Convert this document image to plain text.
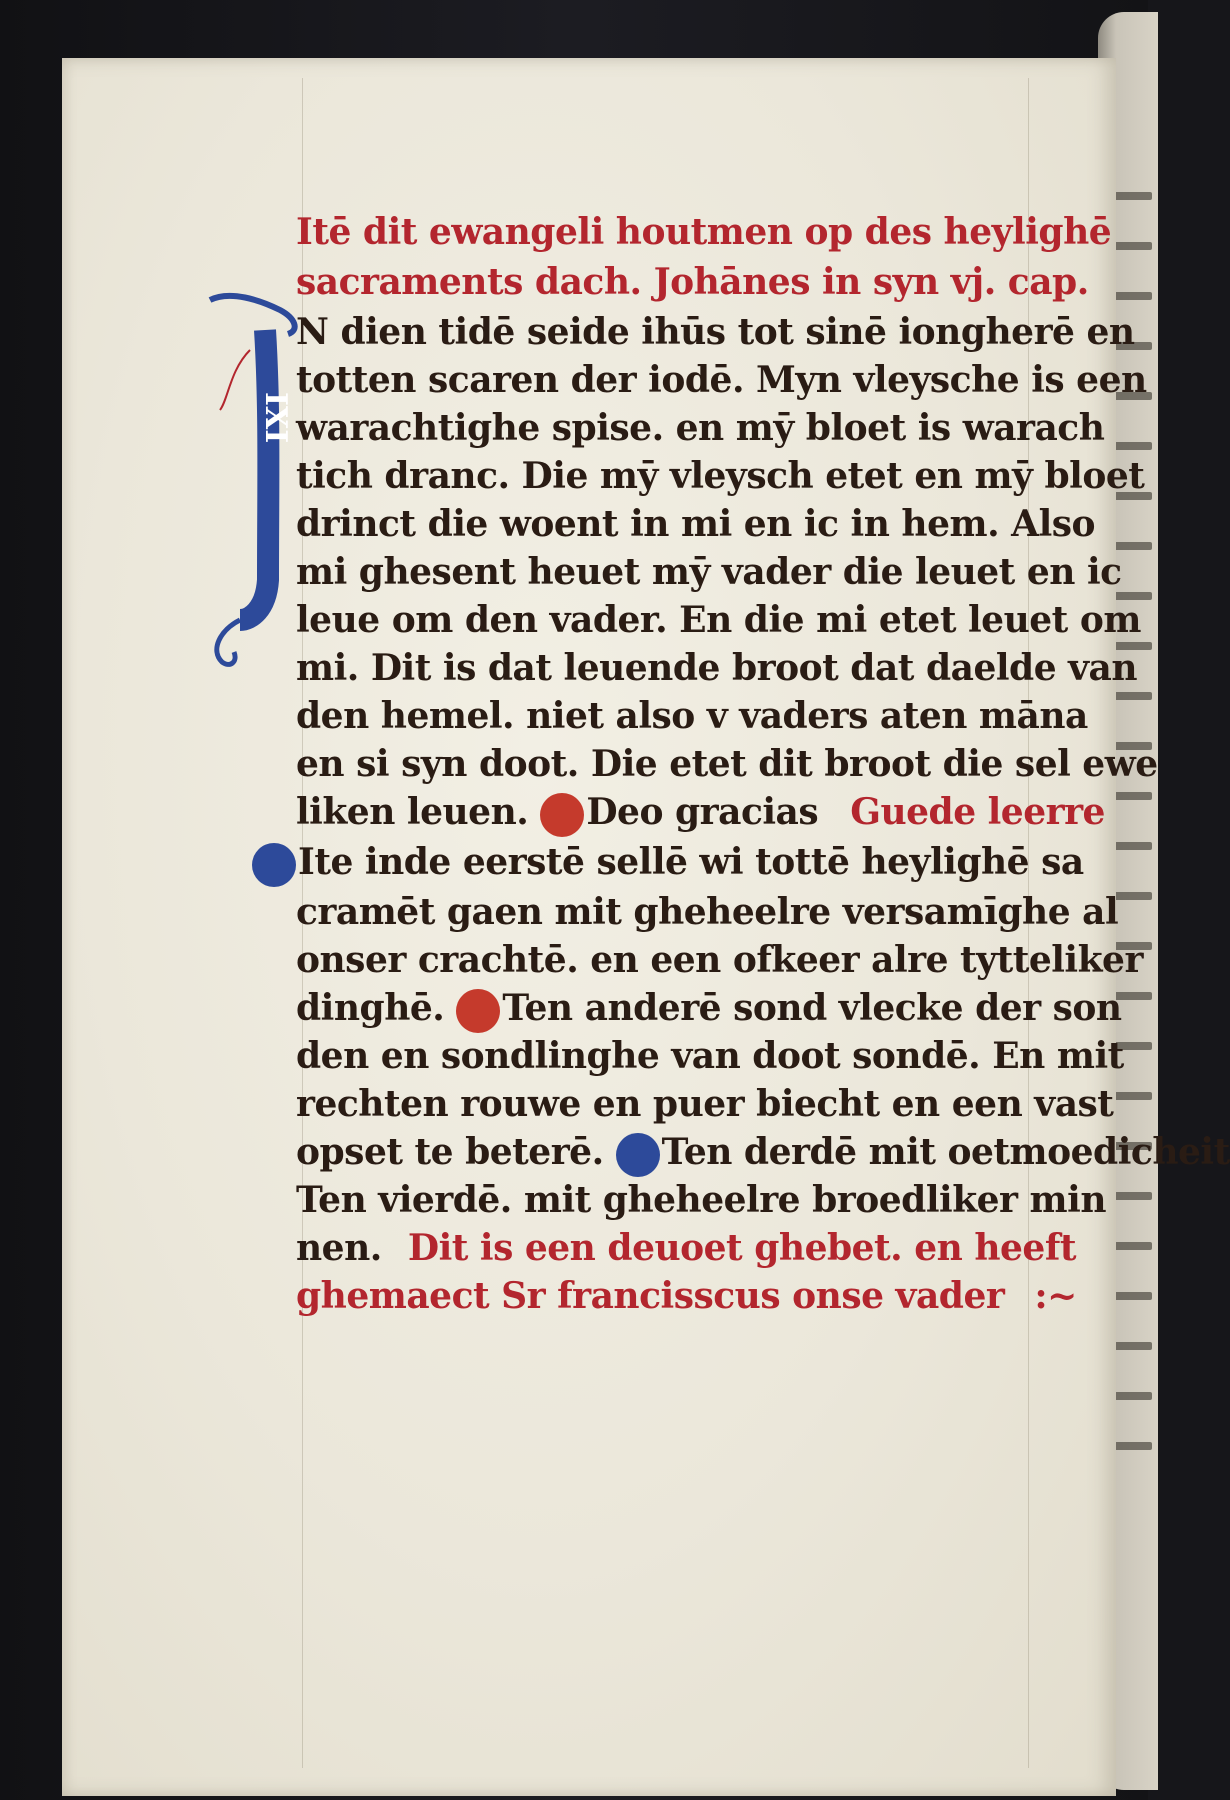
IXI
Itē dit ewangeli houtmen op des heylighē
sacraments dach. Johānes in syn vj. cap.
N dien tidē seide ihūs tot sinē iongherē en
totten scaren der iodē. Myn vleysche is een
warachtighe spise. en mȳ bloet is warach
tich dranc. Die mȳ vleysch etet en mȳ bloet
drinct die woent in mi en ic in hem. Also
mi ghesent heuet mȳ vader die leuet en ic
leue om den vader. En die mi etet leuet om
mi. Dit is dat leuende broot dat daelde van
den hemel. niet also v vaders aten māna
en si syn doot. Die etet dit broot die sel ewe
liken leuen. Deo gracias Guede leerre
Ite inde eerstē sellē wi tottē heylighē sa
cramēt gaen mit gheheelre versamīghe al
onser crachtē. en een ofkeer alre tytteliker
dinghē. Ten anderē sond vlecke der son
den en sondlinghe van doot sondē. En mit
rechten rouwe en puer biecht en een vast
opset te beterē. Ten derdē mit oetmoedicheit
Ten vierdē. mit gheheelre broedliker min
nen. Dit is een deuoet ghebet. en heeft
ghemaect Sr francisscus onse vader :~
